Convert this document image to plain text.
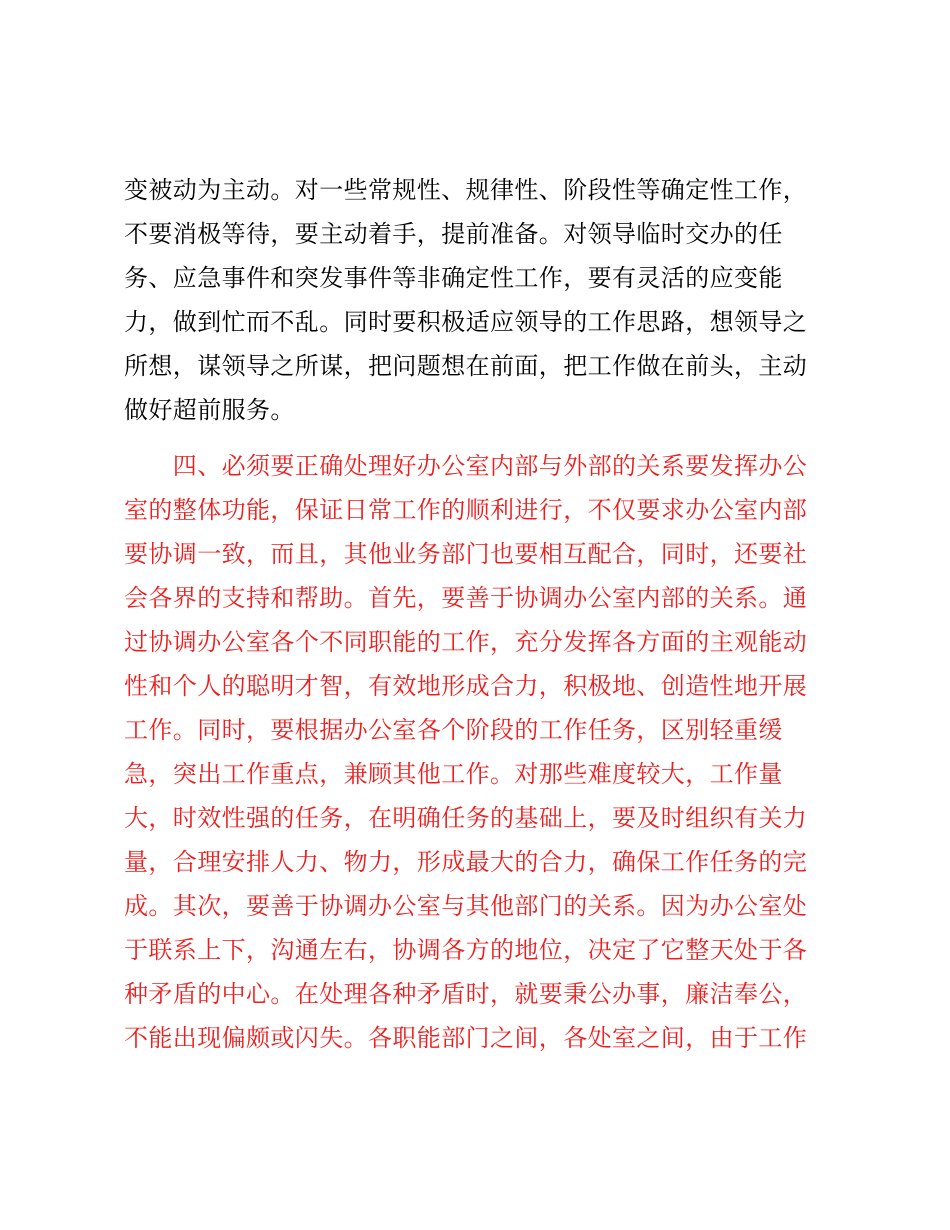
变被动为主动。对一些常规性、规律性、阶段性等确定性工作，
不要消极等待，要主动着手，提前准备。对领导临时交办的任
务、应急事件和突发事件等非确定性工作，要有灵活的应变能
力，做到忙而不乱。同时要积极适应领导的工作思路，想领导之
所想，谋领导之所谋，把问题想在前面，把工作做在前头，主动
做好超前服务。
　　四、必须要正确处理好办公室内部与外部的关系要发挥办公
室的整体功能，保证日常工作的顺利进行，不仅要求办公室内部
要协调一致，而且，其他业务部门也要相互配合，同时，还要社
会各界的支持和帮助。首先，要善于协调办公室内部的关系。通
过协调办公室各个不同职能的工作，充分发挥各方面的主观能动
性和个人的聪明才智，有效地形成合力，积极地、创造性地开展
工作。同时，要根据办公室各个阶段的工作任务，区别轻重缓
急，突出工作重点，兼顾其他工作。对那些难度较大，工作量
大，时效性强的任务，在明确任务的基础上，要及时组织有关力
量，合理安排人力、物力，形成最大的合力，确保工作任务的完
成。其次，要善于协调办公室与其他部门的关系。因为办公室处
于联系上下，沟通左右，协调各方的地位，决定了它整天处于各
种矛盾的中心。在处理各种矛盾时，就要秉公办事，廉洁奉公，
不能出现偏颇或闪失。各职能部门之间，各处室之间，由于工作
